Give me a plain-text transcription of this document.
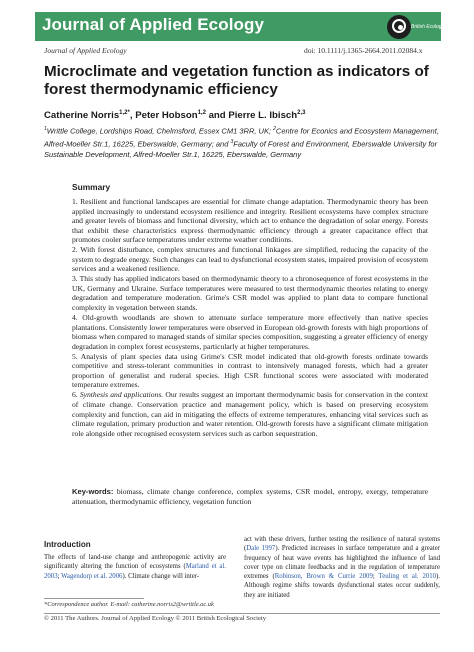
Journal of Applied Ecology	British Ecological
Journal of Applied Ecology	doi: 10.1111/j.1365-2664.2011.02084.x
Microclimate and vegetation function as indicators of forest thermodynamic efficiency
Catherine Norris$^{1,2*}$, Peter Hobson$^{1,2}$ and Pierre L. Ibisch$^{2,3}$
$^1$Writtle College, Lordships Road, Chelmsford, Essex CM1 3RR, UK; $^2$Centre for Econics and Ecosystem Management, Alfred-Moeller Str.1, 16225, Eberswalde, Germany; and $^3$Faculty of Forest and Environment, Eberswalde University for Sustainable Development, Alfred-Moeller Str.1, 16225, Eberswalde, Germany
Summary

1. Resilient and functional landscapes are essential for climate change adaptation. Thermodynamic theory has been applied increasingly to understand ecosystem resilience and integrity. Resilient ecosystems have complex structure and greater levels of biomass and functional diversity, which act to enhance the degradation of solar energy. Forests that exhibit these characteristics express thermodynamic efficiency through a greater capacitance effect that promotes cooler surface temperatures under extreme weather conditions.

2. With forest disturbance, complex structures and functional linkages are simplified, reducing the capacity of the system to degrade energy. Such changes can lead to dysfunctional ecosystem states, impaired provision of ecosystem services and a weakened resilience.

3. This study has applied indicators based on thermodynamic theory to a chronosequence of forest ecosystems in the UK, Germany and Ukraine. Surface temperatures were measured to test thermodynamic theories relating to energy degradation and temperature moderation. Grime's CSR model was applied to plant data to compare functional complexity in vegetation between stands.

4. Old-growth woodlands are shown to attenuate surface temperature more effectively than native species plantations. Consistently lower temperatures were observed in European old-growth forests with high proportions of biomass when compared to managed stands of similar species composition, suggesting a greater efficiency of energy degradation in complex forest ecosystems, particularly at higher temperatures.

5. Analysis of plant species data using Grime's CSR model indicated that old-growth forests ordinate towards competitive and stress-tolerant communities in contrast to intensively managed forests, which had a greater proportion of generalist and ruderal species. High CSR functional scores were associated with moderated temperature extremes.

6. Synthesis and applications. Our results suggest an important thermodynamic basis for conservation in the context of climate change. Conservation practice and management policy, which is based on preserving ecosystem complexity and function, can aid in mitigating the effects of extreme temperatures, enhancing vital services such as climate regulation, primary production and water retention. Old-growth forests have a significant climate mitigation role alongside other recognised ecosystem services such as carbon sequestration.

Key-words: biomass, climate change conference, complex systems, CSR model, entropy, exergy, temperature attenuation, thermodynamic efficiency, vegetation function
Introduction
The effects of land-use change and anthropogenic activity are significantly altering the function of ecosystems (Marland et al. 2003; Wagendorp et al. 2006). Climate change will inter-
act with these drivers, further testing the resilience of natural systems (Dale 1997). Predicted increases in surface temperature and a greater frequency of heat wave events has highlighted the influence of land cover type on climate feedbacks and in the regulation of temperature extremes (Robinson, Brown & Currie 2009; Teuling et al. 2010). Although regime shifts towards dysfunctional states occur suddenly, they are initiated
*Correspondence author. E-mail: catherine.norris2@writtle.ac.uk
© 2011 The Authors. Journal of Applied Ecology © 2011 British Ecological Society
